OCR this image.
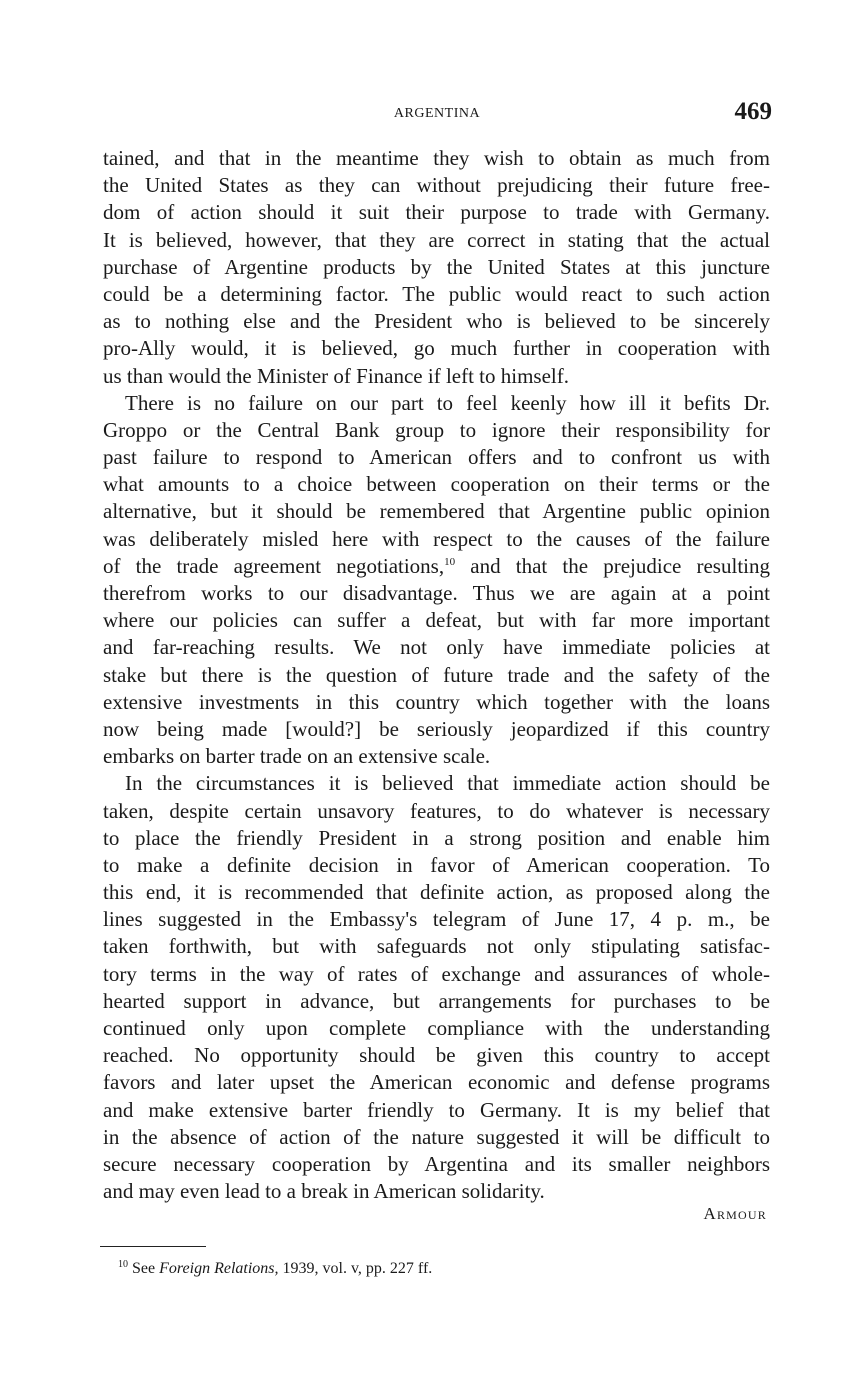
ARGENTINA	469

tained, and that in the meantime they wish to obtain as much from
the United States as they can without prejudicing their future free-
dom of action should it suit their purpose to trade with Germany.
It is believed, however, that they are correct in stating that the actual
purchase of Argentine products by the United States at this juncture
could be a determining factor. The public would react to such action
as to nothing else and the President who is believed to be sincerely
pro-Ally would, it is believed, go much further in cooperation with
us than would the Minister of Finance if left to himself.

There is no failure on our part to feel keenly how ill it befits Dr.
Groppo or the Central Bank group to ignore their responsibility for
past failure to respond to American offers and to confront us with
what amounts to a choice between cooperation on their terms or the
alternative, but it should be remembered that Argentine public opinion
was deliberately misled here with respect to the causes of the failure
of the trade agreement negotiations,$^{10}$ and that the prejudice resulting
therefrom works to our disadvantage. Thus we are again at a point
where our policies can suffer a defeat, but with far more important
and far-reaching results. We not only have immediate policies at
stake but there is the question of future trade and the safety of the
extensive investments in this country which together with the loans
now being made [would?] be seriously jeopardized if this country
embarks on barter trade on an extensive scale.

In the circumstances it is believed that immediate action should be
taken, despite certain unsavory features, to do whatever is necessary
to place the friendly President in a strong position and enable him
to make a definite decision in favor of American cooperation. To
this end, it is recommended that definite action, as proposed along the
lines suggested in the Embassy's telegram of June 17, 4 p. m., be
taken forthwith, but with safeguards not only stipulating satisfac-
tory terms in the way of rates of exchange and assurances of whole-
hearted support in advance, but arrangements for purchases to be
continued only upon complete compliance with the understanding
reached. No opportunity should be given this country to accept
favors and later upset the American economic and defense programs
and make extensive barter friendly to Germany. It is my belief that
in the absence of action of the nature suggested it will be difficult to
secure necessary cooperation by Argentina and its smaller neighbors
and may even lead to a break in American solidarity.

Armour
$^{10}$ See Foreign Relations, 1939, vol. v, pp. 227 ff.
